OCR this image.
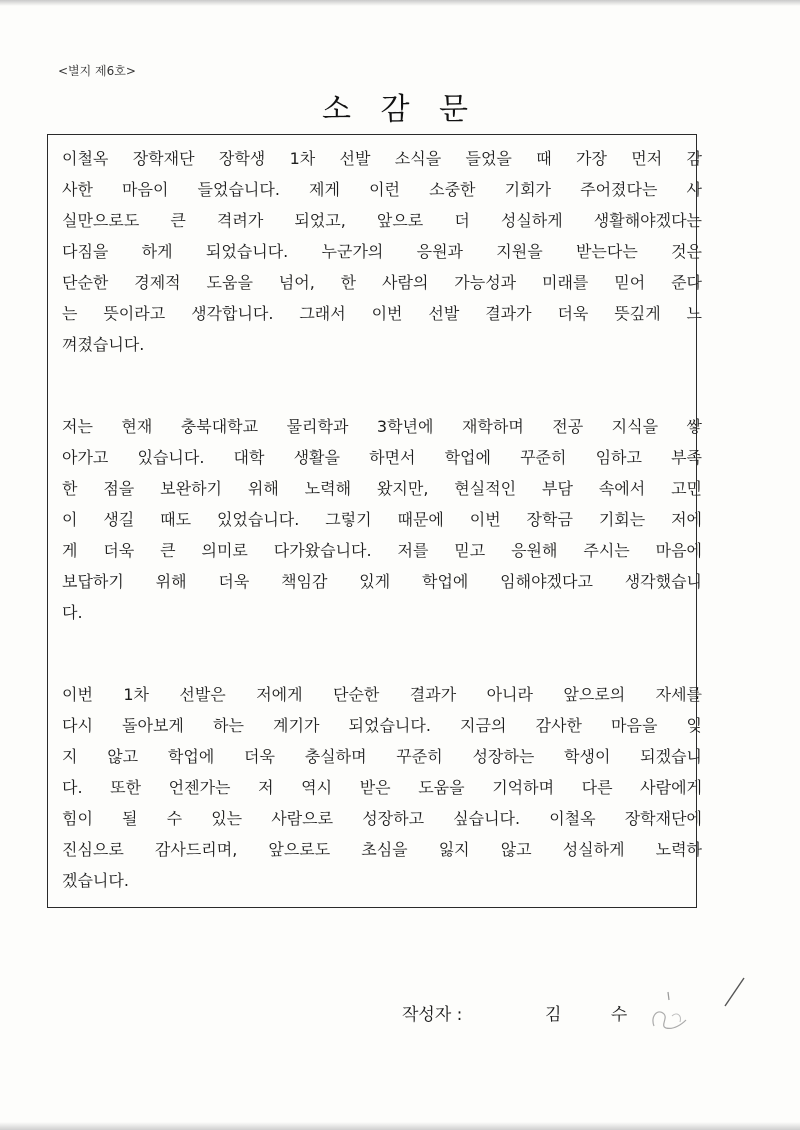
<별지 제6호>
소 감 문
이철옥 장학재단 장학생 1차 선발 소식을 들었을 때 가장 먼저 감
사한 마음이 들었습니다. 제게 이런 소중한 기회가 주어졌다는 사
실만으로도 큰 격려가 되었고, 앞으로 더 성실하게 생활해야겠다는
다짐을 하게 되었습니다. 누군가의 응원과 지원을 받는다는 것은
단순한 경제적 도움을 넘어, 한 사람의 가능성과 미래를 믿어 준다
는 뜻이라고 생각합니다. 그래서 이번 선발 결과가 더욱 뜻깊게 느
껴졌습니다.
저는 현재 충북대학교 물리학과 3학년에 재학하며 전공 지식을 쌓
아가고 있습니다. 대학 생활을 하면서 학업에 꾸준히 임하고 부족
한 점을 보완하기 위해 노력해 왔지만, 현실적인 부담 속에서 고민
이 생길 때도 있었습니다. 그렇기 때문에 이번 장학금 기회는 저에
게 더욱 큰 의미로 다가왔습니다. 저를 믿고 응원해 주시는 마음에
보답하기 위해 더욱 책임감 있게 학업에 임해야겠다고 생각했습니
다.
이번 1차 선발은 저에게 단순한 결과가 아니라 앞으로의 자세를
다시 돌아보게 하는 계기가 되었습니다. 지금의 감사한 마음을 잊
지 않고 학업에 더욱 충실하며 꾸준히 성장하는 학생이 되겠습니
다. 또한 언젠가는 저 역시 받은 도움을 기억하며 다른 사람에게
힘이 될 수 있는 사람으로 성장하고 싶습니다. 이철옥 장학재단에
진심으로 감사드리며, 앞으로도 초심을 잃지 않고 성실하게 노력하
겠습니다.
작성자 :	김 수
